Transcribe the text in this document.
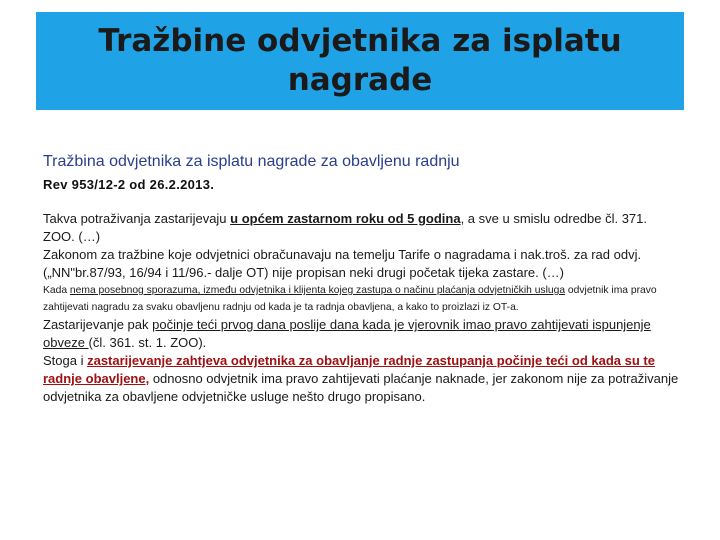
Tražbine odvjetnika za isplatu nagrade

Tražbina odvjetnika za isplatu nagrade za obavljenu radnju

Rev 953/12-2 od 26.2.2013.

Takva potraživanja zastarijevaju u općem zastarnom roku od 5 godina, a sve u smislu odredbe čl. 371. ZOO. (…)

Zakonom za tražbine koje odvjetnici obračunavaju na temelju Tarife o nagradama i nak.troš. za rad odvj. („NN"br.87/93, 16/94 i 11/96.- dalje OT) nije propisan neki drugi početak tijeka zastare. (…)

Kada nema posebnog sporazuma, između odvjetnika i klijenta kojeg zastupa o načinu plaćanja odvjetničkih usluga odvjetnik ima pravo zahtijevati nagradu za svaku obavljenu radnju od kada je ta radnja obavljena, a kako to proizlazi iz OT-a.

Zastarijevanje pak počinje teći prvog dana poslije dana kada je vjerovnik imao pravo zahtijevati ispunjenje obveze (čl. 361. st. 1. ZOO).

Stoga i zastarijevanje zahtjeva odvjetnika za obavljanje radnje zastupanja počinje teći od kada su te radnje obavljene, odnosno odvjetnik ima pravo zahtijevati plaćanje naknade, jer zakonom nije za potraživanje odvjetnika za obavljene odvjetničke usluge nešto drugo propisano.
